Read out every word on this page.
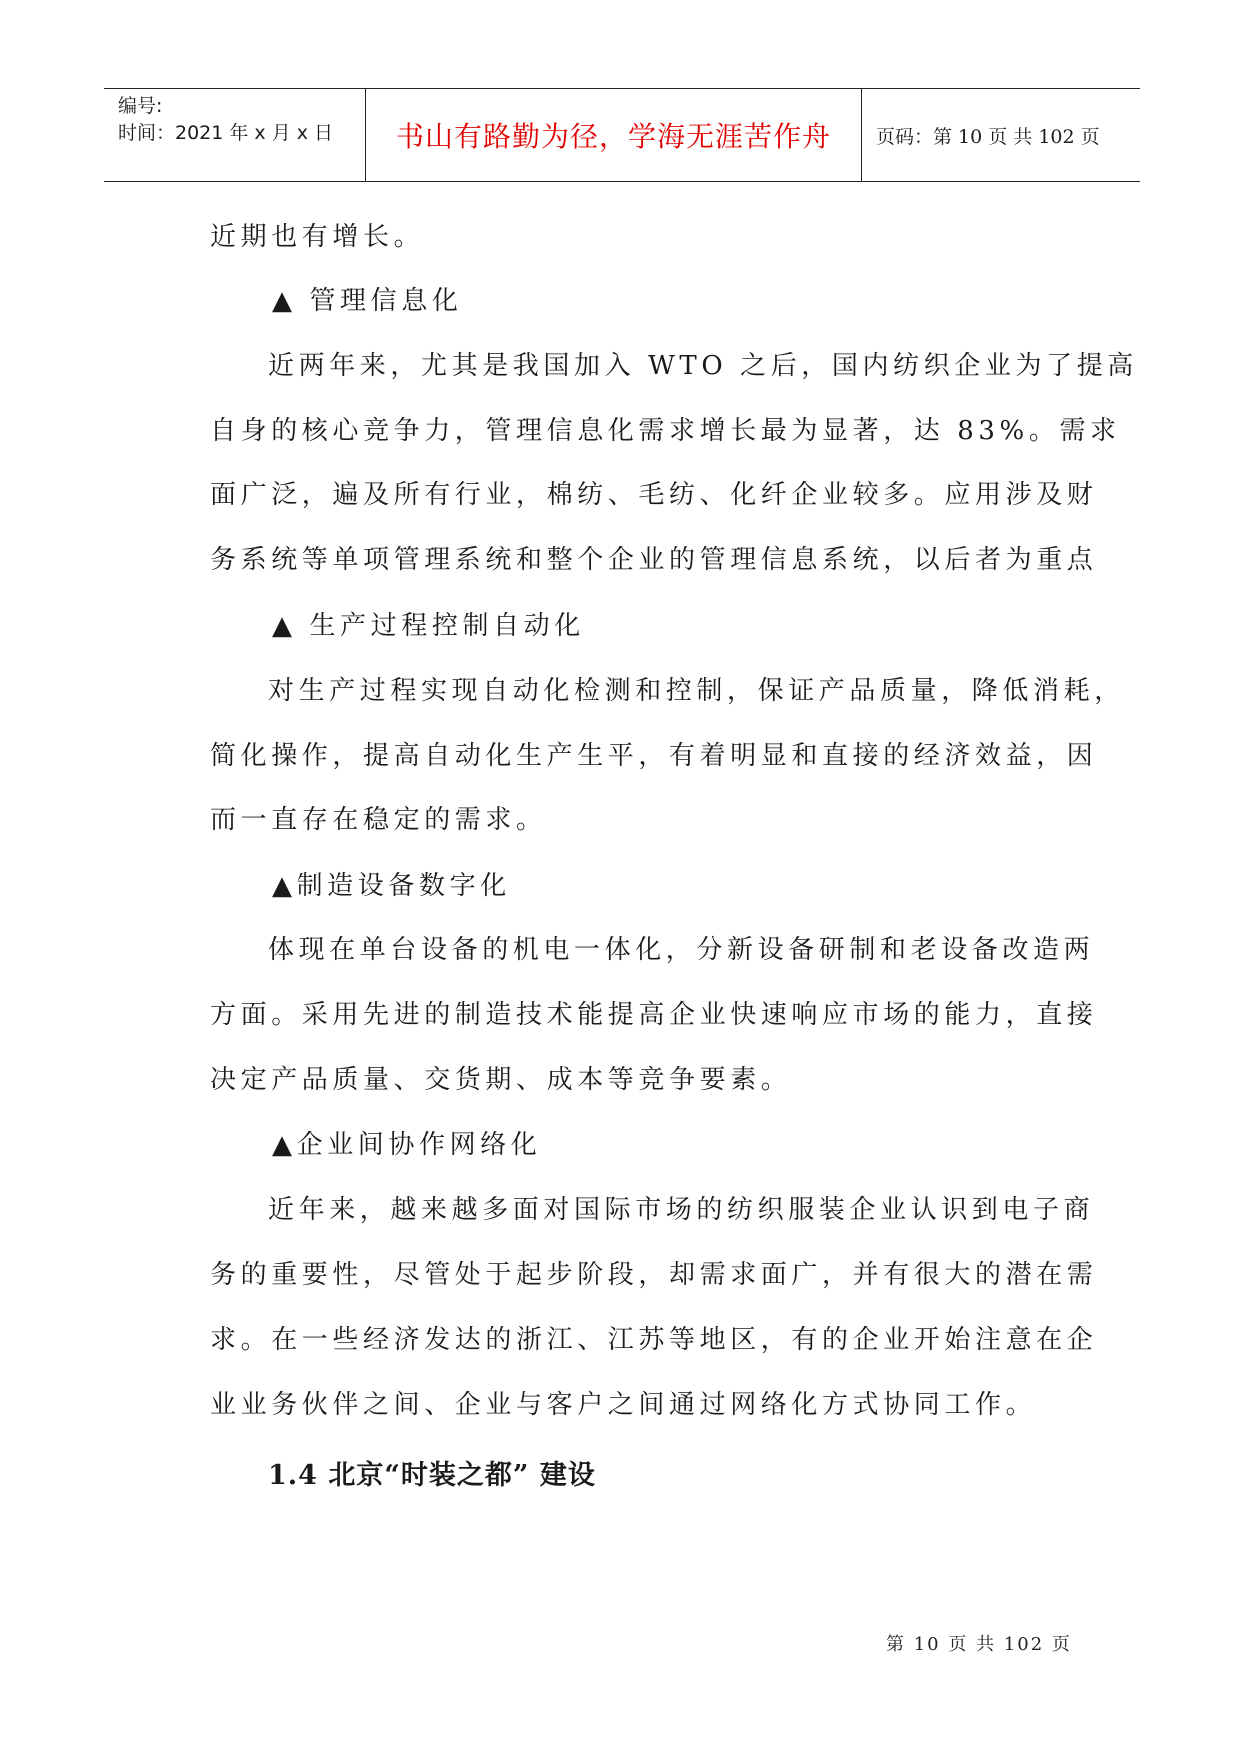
编号:
时间：2021 年 x 月 x 日	书山有路勤为径，学海无涯苦作舟	页码：第 10 页 共 102 页
近期也有增长。
▲ 管理信息化
近两年来，尤其是我国加入 WTO 之后，国内纺织企业为了提高
自身的核心竞争力，管理信息化需求增长最为显著，达 83%。需求
面广泛，遍及所有行业，棉纺、毛纺、化纤企业较多。应用涉及财
务系统等单项管理系统和整个企业的管理信息系统，以后者为重点
▲ 生产过程控制自动化
对生产过程实现自动化检测和控制，保证产品质量，降低消耗，
简化操作，提高自动化生产生平，有着明显和直接的经济效益，因
而一直存在稳定的需求。
▲制造设备数字化
体现在单台设备的机电一体化，分新设备研制和老设备改造两
方面。采用先进的制造技术能提高企业快速响应市场的能力，直接
决定产品质量、交货期、成本等竞争要素。
▲企业间协作网络化
近年来，越来越多面对国际市场的纺织服装企业认识到电子商
务的重要性，尽管处于起步阶段，却需求面广，并有很大的潜在需
求。在一些经济发达的浙江、江苏等地区，有的企业开始注意在企
业业务伙伴之间、企业与客户之间通过网络化方式协同工作。
1.4 北京“时装之都” 建设
第 10 页 共 102 页
